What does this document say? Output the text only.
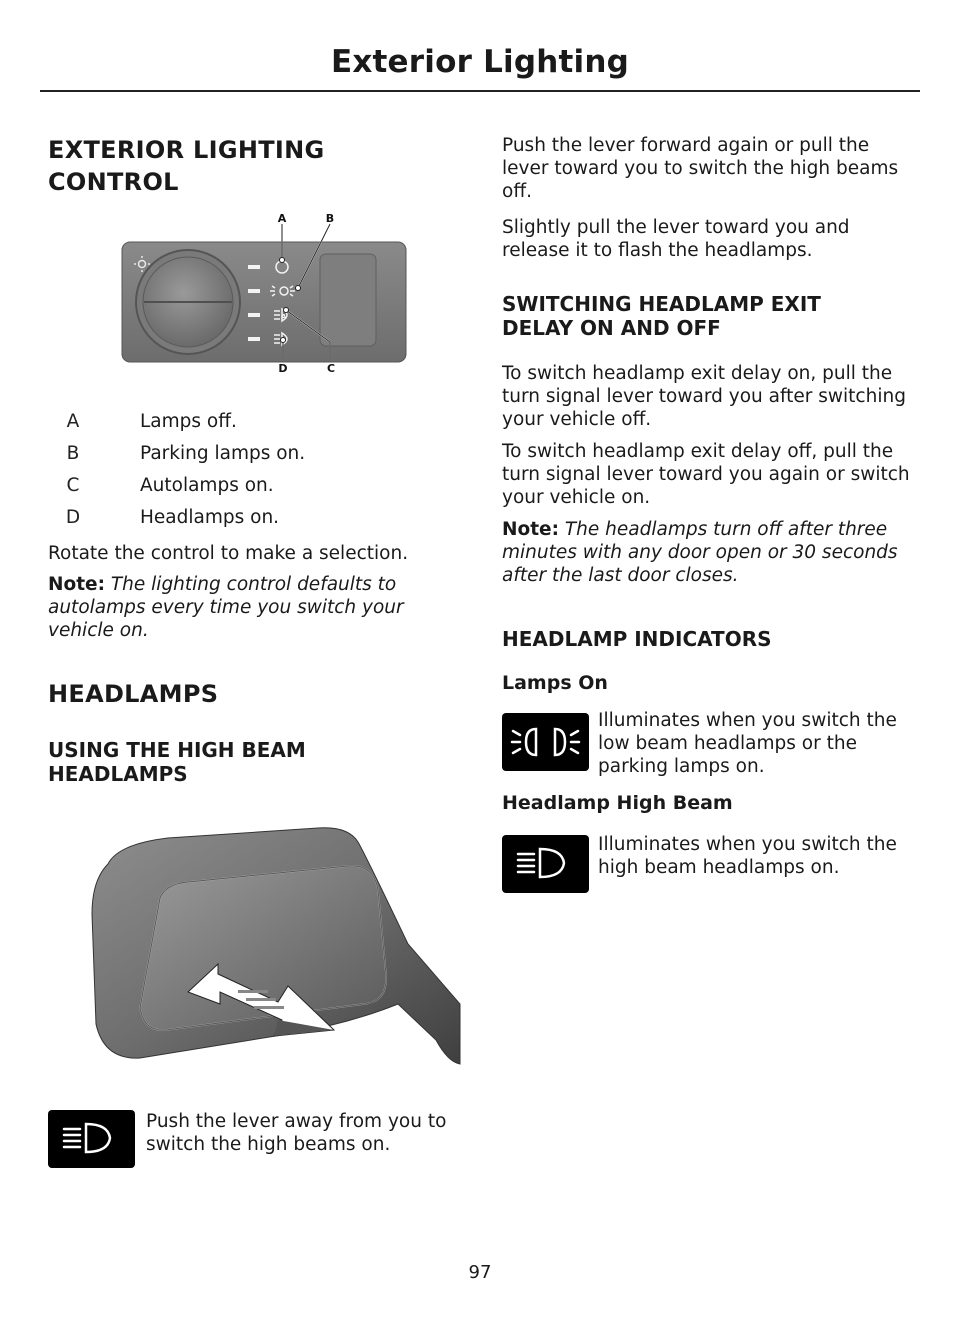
Exterior Lighting
EXTERIOR LIGHTING
CONTROL
A
A	B
D	C
A	Lamps off.
B	Parking lamps on.
C	Autolamps on.
D	Headlamps on.

Rotate the control to make a selection.

Note: The lighting control defaults to autolamps every time you switch your vehicle on.

HEADLAMPS
USING THE HIGH BEAM
HEADLAMPS

Push the lever away from you to switch the high beams on.

Push the lever forward again or pull the lever toward you to switch the high beams off.

Slightly pull the lever toward you and release it to flash the headlamps.

SWITCHING HEADLAMP EXIT
DELAY ON AND OFF

To switch headlamp exit delay on, pull the turn signal lever toward you after switching your vehicle off.

To switch headlamp exit delay off, pull the turn signal lever toward you again or switch your vehicle on.

Note: The headlamps turn off after three minutes with any door open or 30 seconds after the last door closes.

HEADLAMP INDICATORS
Lamps On

Illuminates when you switch the low beam headlamps or the parking lamps on.

Headlamp High Beam

Illuminates when you switch the high beam headlamps on.

97
